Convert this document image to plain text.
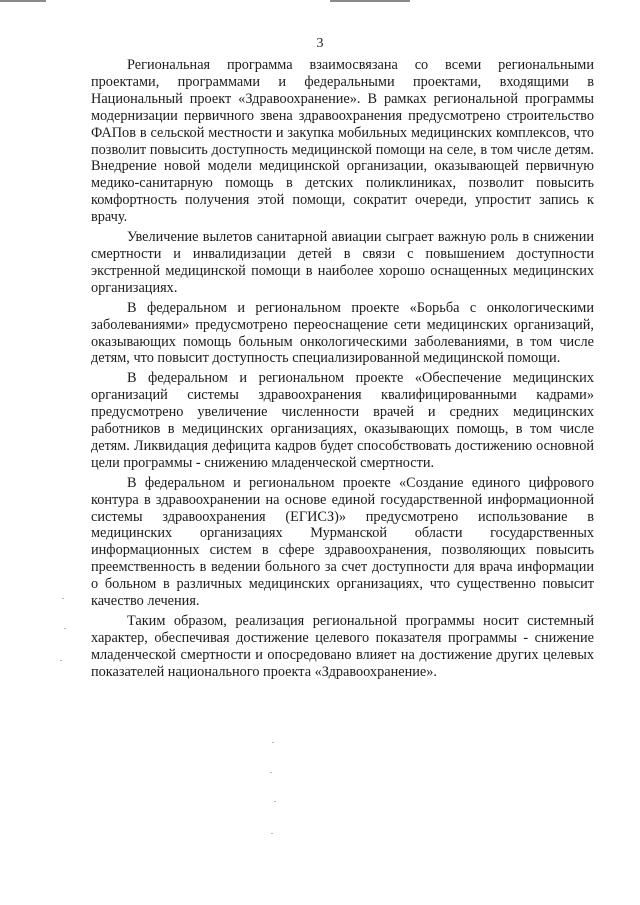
3

Региональная программа взаимосвязана со всеми региональными проектами, программами и федеральными проектами, входящими в Национальный проект «Здравоохранение». В рамках региональной программы модернизации первичного звена здравоохранения предусмотрено строительство ФАПов в сельской местности и закупка мобильных медицинских комплексов, что позволит повысить доступность медицинской помощи на селе, в том числе детям. Внедрение новой модели медицинской организации, оказывающей первичную медико-санитарную помощь в детских поликлиниках, позволит повысить комфортность получения этой помощи, сократит очереди, упростит запись к врачу.

Увеличение вылетов санитарной авиации сыграет важную роль в снижении смертности и инвалидизации детей в связи с повышением доступности экстренной медицинской помощи в наиболее хорошо оснащенных медицинских организациях.

В федеральном и региональном проекте «Борьба с онкологическими заболеваниями» предусмотрено переоснащение сети медицинских организаций, оказывающих помощь больным онкологическими заболеваниями, в том числе детям, что повысит доступность специализированной медицинской помощи.

В федеральном и региональном проекте «Обеспечение медицинских организаций системы здравоохранения квалифицированными кадрами» предусмотрено увеличение численности врачей и средних медицинских работников в медицинских организациях, оказывающих помощь, в том числе детям. Ликвидация дефицита кадров будет способствовать достижению основной цели программы - снижению младенческой смертности.

В федеральном и региональном проекте «Создание единого цифрового контура в здравоохранении на основе единой государственной информационной системы здравоохранения (ЕГИСЗ)» предусмотрено использование в медицинских организациях Мурманской области государственных информационных систем в сфере здравоохранения, позволяющих повысить преемственность в ведении больного за счет доступности для врача информации о больном в различных медицинских организациях, что существенно повысит качество лечения.

Таким образом, реализация региональной программы носит системный характер, обеспечивая достижение целевого показателя программы - снижение младенческой смертности и опосредовано влияет на достижение других целевых показателей национального проекта «Здравоохранение».
